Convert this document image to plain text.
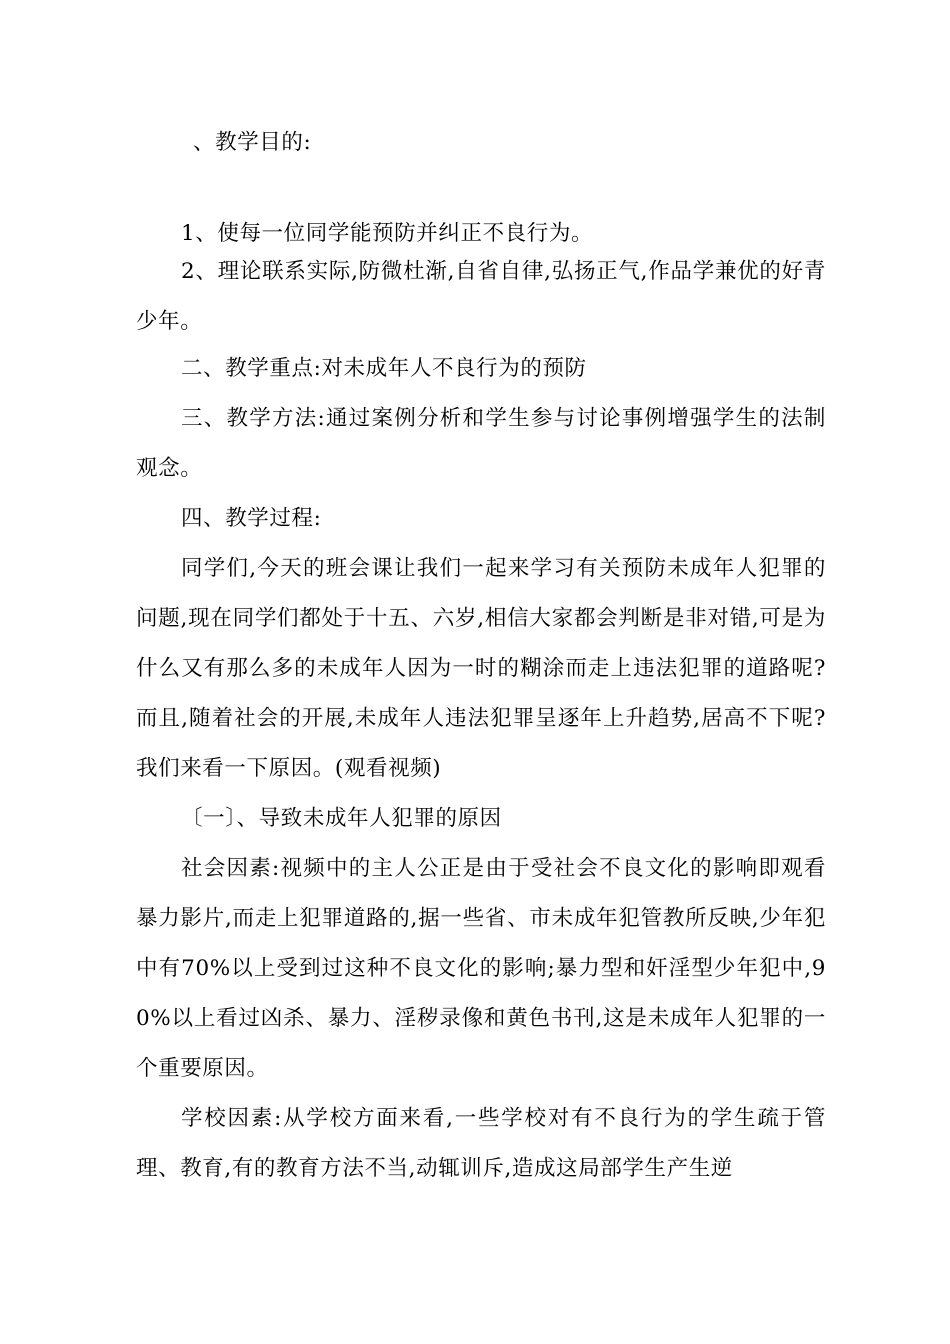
、教学目的:

1、使每一位同学能预防并纠正不良行为。

2、理论联系实际,防微杜渐,自省自律,弘扬正气,作品学兼优的好青少年。

二、教学重点:对未成年人不良行为的预防

三、教学方法:通过案例分析和学生参与讨论事例增强学生的法制观念。

四、教学过程:

同学们,今天的班会课让我们一起来学习有关预防未成年人犯罪的问题,现在同学们都处于十五、六岁,相信大家都会判断是非对错,可是为什么又有那么多的未成年人因为一时的糊涂而走上违法犯罪的道路呢?而且,随着社会的开展,未成年人违法犯罪呈逐年上升趋势,居高不下呢?我们来看一下原因。(观看视频)

〔一〕、导致未成年人犯罪的原因

社会因素:视频中的主人公正是由于受社会不良文化的影响即观看暴力影片,而走上犯罪道路的,据一些省、市未成年犯管教所反映,少年犯中有70%以上受到过这种不良文化的影响;暴力型和奸淫型少年犯中,90%以上看过凶杀、暴力、淫秽录像和黄色书刊,这是未成年人犯罪的一个重要原因。

学校因素:从学校方面来看,一些学校对有不良行为的学生疏于管理、教育,有的教育方法不当,动辄训斥,造成这局部学生产生逆
